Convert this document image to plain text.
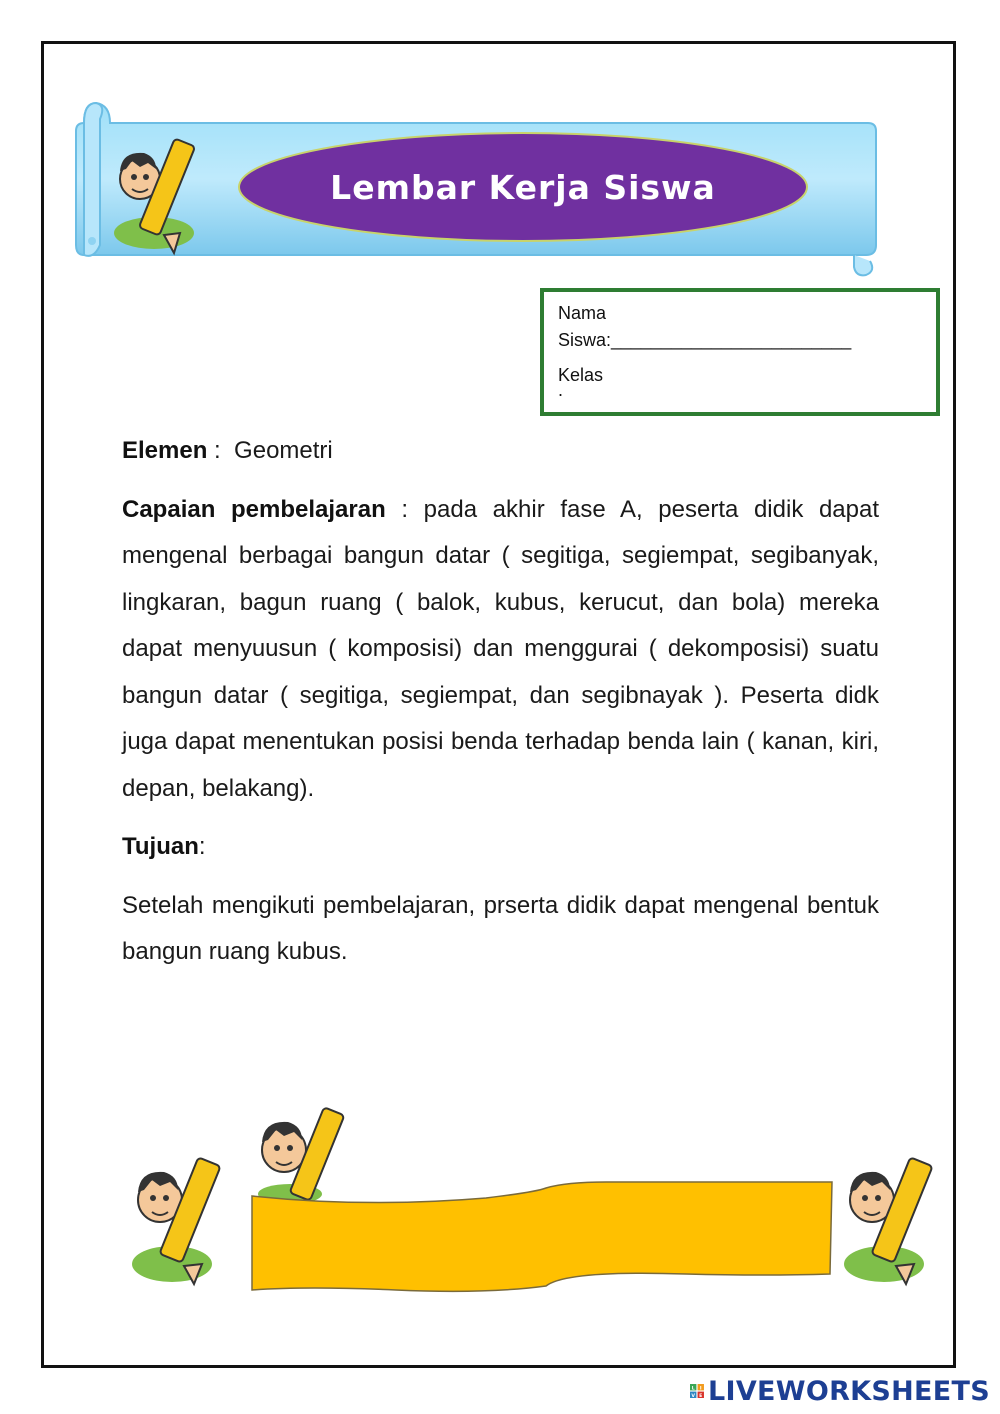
Lembar Kerja Siswa
Nama
Siswa:________________________
Kelas
.

Elemen :  Geometri

Capaian pembelajaran : pada akhir fase A, peserta didik dapat mengenal berbagai bangun datar ( segitiga, segiempat, segibanyak, lingkaran, bagun ruang ( balok, kubus, kerucut, dan bola) mereka dapat menyuusun ( komposisi) dan menggurai ( dekomposisi) suatu bangun datar ( segitiga, segiempat, dan segibnayak ). Peserta didk juga dapat menentukan posisi benda terhadap benda lain ( kanan, kiri, depan, belakang).

Tujuan:

Setelah mengikuti pembelajaran, prserta didik dapat mengenal bentuk bangun ruang kubus.

L I
V E LIVEWORKSHEETS
